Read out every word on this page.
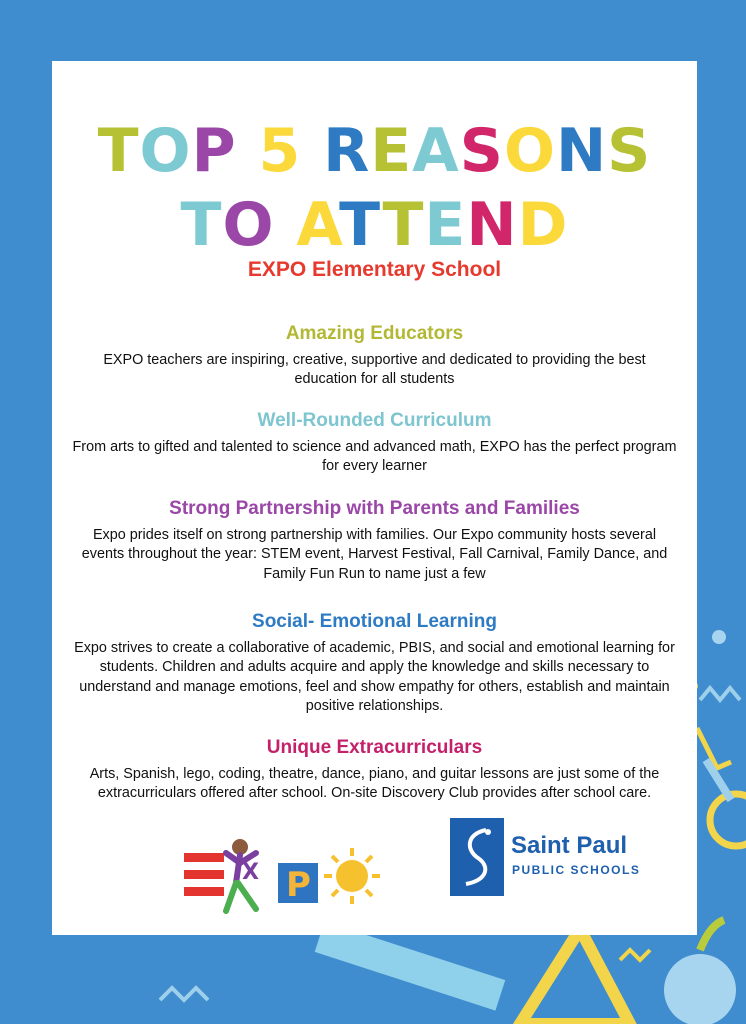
TOP 5 REASONS
TO ATTEND
EXPO Elementary School
Amazing Educators

EXPO teachers are inspiring, creative, supportive and dedicated to providing the best education for all students

Well-Rounded Curriculum

From arts to gifted and talented to science and advanced math, EXPO has the perfect program for every learner

Strong Partnership with Parents and Families

Expo prides itself on strong partnership with families. Our Expo community hosts several events throughout the year: STEM event, Harvest Festival, Fall Carnival, Family Dance, and Family Fun Run to name just a few

Social- Emotional Learning

Expo strives to create a collaborative of academic, PBIS, and social and emotional learning for students. Children and adults acquire and apply the knowledge and skills necessary to understand and manage emotions, feel and show empathy for others, establish and maintain positive relationships.

Unique Extracurriculars

Arts, Spanish, lego, coding, theatre, dance, piano, and guitar lessons are just some of the extracurriculars offered after school. On-site Discovery Club provides after school care.

X P
Saint Paul
PUBLIC SCHOOLS
